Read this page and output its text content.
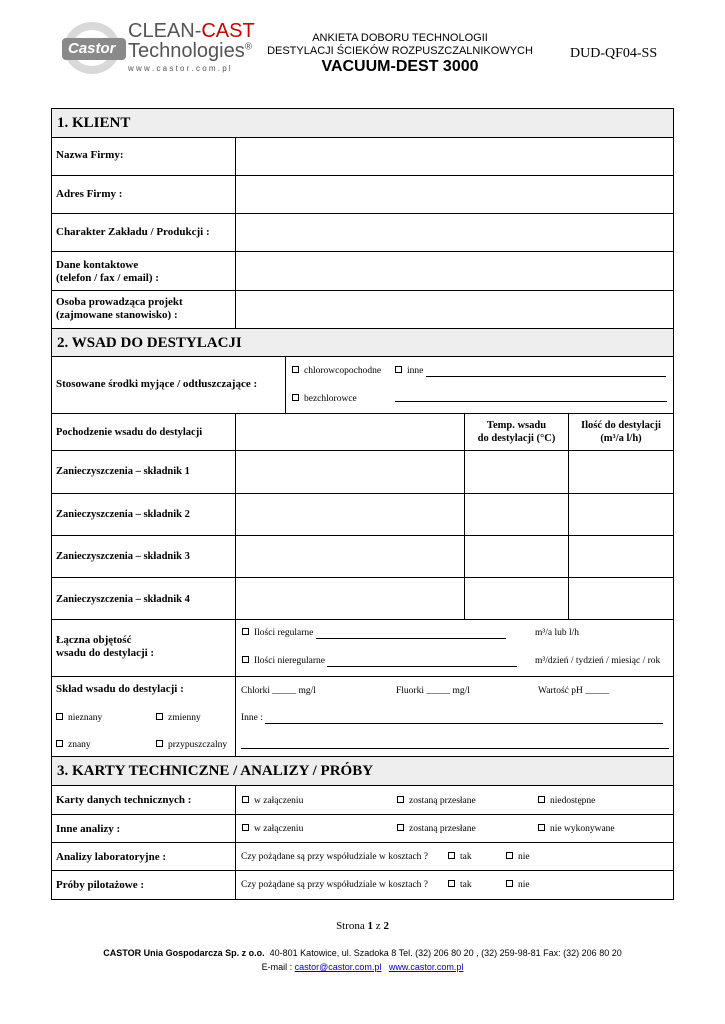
Castor
CLEAN-CAST
Technologies®
w w w . c a s t o r . c o m . p l
ANKIETA DOBORU TECHNOLOGII
DESTYLACJI ŚCIEKÓW ROZPUSZCZALNIKOWYCH
VACUUM-DEST 3000
DUD-QF04-SS
1. KLIENT
Nazwa Firmy:
Adres Firmy :
Charakter Zakładu / Produkcji :
Dane kontaktowe
(telefon / fax / email) :
Osoba prowadząca projekt
(zajmowane stanowisko) :
2. WSAD DO DESTYLACJI
Stosowane środki myjące / odtłuszczające :
chlorowcopochodne	inne
bezchlorowce
Pochodzenie wsadu do destylacji
Temp. wsadu
do destylacji (°C)
Ilość do destylacji
(m³/a l/h)
Zanieczyszczenia – składnik 1
Zanieczyszczenia – składnik 2
Zanieczyszczenia – składnik 3
Zanieczyszczenia – składnik 4
Łączna objętość
wsadu do destylacji :
Ilości regularne	m³/a lub l/h
Ilości nieregularne	m³/dzień / tydzień / miesiąc / rok
Skład wsadu do destylacji :
nieznany	zmienny
znany	przypuszczalny
Chlorki _____ mg/l	Fluorki _____ mg/l	Wartość pH _____
Inne :
3. KARTY TECHNICZNE / ANALIZY / PRÓBY
Karty danych technicznych :	w załączeniu	zostaną przesłane	niedostępne
Inne analizy :	w załączeniu	zostaną przesłane	nie wykonywane
Analizy laboratoryjne :	Czy pożądane są przy współudziale w kosztach ?	tak	nie
Próby pilotażowe :	Czy pożądane są przy współudziale w kosztach ?	tak	nie
Strona 1 z 2
CASTOR Unia Gospodarcza Sp. z o.o. 40-801 Katowice, ul. Szadoka 8 Tel. (32) 206 80 20 , (32) 259-98-81 Fax: (32) 206 80 20
E-mail : castor@castor.com.pl www.castor.com.pl
